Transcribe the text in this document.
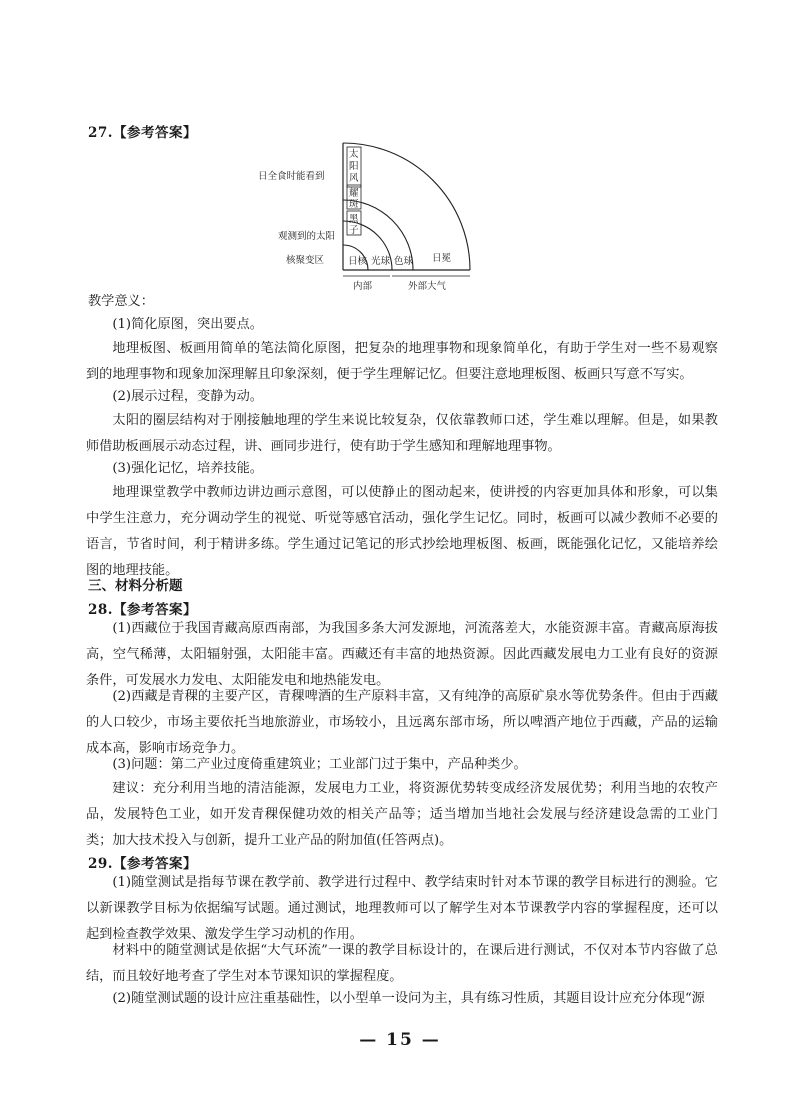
27.【参考答案】
太
阳
风
耀
斑
黑
子
日全食时能看到
观测到的太阳
核聚变区	日核 光球 色球 日冕
内部	外部大气
教学意义：
(1)简化原图，突出要点。
地理板图、板画用简单的笔法简化原图，把复杂的地理事物和现象简单化，有助于学生对一些不易观察到的地理事物和现象加深理解且印象深刻，便于学生理解记忆。但要注意地理板图、板画只写意不写实。
(2)展示过程，变静为动。
太阳的圈层结构对于刚接触地理的学生来说比较复杂，仅依靠教师口述，学生难以理解。但是，如果教师借助板画展示动态过程，讲、画同步进行，使有助于学生感知和理解地理事物。
(3)强化记忆，培养技能。
地理课堂教学中教师边讲边画示意图，可以使静止的图动起来，使讲授的内容更加具体和形象，可以集中学生注意力，充分调动学生的视觉、听觉等感官活动，强化学生记忆。同时，板画可以减少教师不必要的语言，节省时间，利于精讲多练。学生通过记笔记的形式抄绘地理板图、板画，既能强化记忆，又能培养绘图的地理技能。
三、材料分析题
28.【参考答案】
(1)西藏位于我国青藏高原西南部，为我国多条大河发源地，河流落差大，水能资源丰富。青藏高原海拔高，空气稀薄，太阳辐射强，太阳能丰富。西藏还有丰富的地热资源。因此西藏发展电力工业有良好的资源条件，可发展水力发电、太阳能发电和地热能发电。
(2)西藏是青稞的主要产区，青稞啤酒的生产原料丰富，又有纯净的高原矿泉水等优势条件。但由于西藏的人口较少，市场主要依托当地旅游业，市场较小，且远离东部市场，所以啤酒产地位于西藏，产品的运输成本高，影响市场竞争力。
(3)问题：第二产业过度倚重建筑业；工业部门过于集中，产品种类少。
建议：充分利用当地的清洁能源，发展电力工业，将资源优势转变成经济发展优势；利用当地的农牧产品，发展特色工业，如开发青稞保健功效的相关产品等；适当增加当地社会发展与经济建设急需的工业门类；加大技术投入与创新，提升工业产品的附加值(任答两点)。
29.【参考答案】
(1)随堂测试是指每节课在教学前、教学进行过程中、教学结束时针对本节课的教学目标进行的测验。它以新课教学目标为依据编写试题。通过测试，地理教师可以了解学生对本节课教学内容的掌握程度，还可以起到检查教学效果、激发学生学习动机的作用。
材料中的随堂测试是依据“大气环流”一课的教学目标设计的，在课后进行测试，不仅对本节内容做了总结，而且较好地考查了学生对本节课知识的掌握程度。
(2)随堂测试题的设计应注重基础性，以小型单一设问为主，具有练习性质，其题目设计应充分体现“源
— 15 —
